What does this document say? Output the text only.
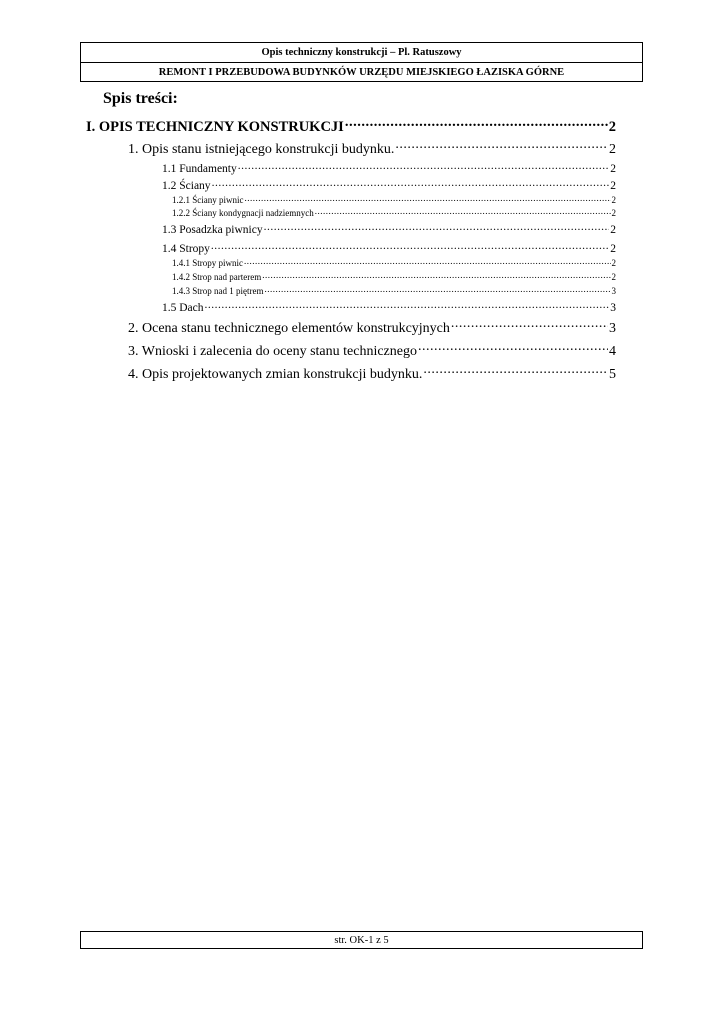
Opis techniczny konstrukcji – Pl. Ratuszowy
REMONT I PRZEBUDOWA BUDYNKÓW URZĘDU MIEJSKIEGO ŁAZISKA GÓRNE
Spis treści:
I. OPIS TECHNICZNY KONSTRUKCJI .....	2
1. Opis stanu istniejącego konstrukcji budynku. .....	2
1.1 Fundamenty .....	2
1.2 Ściany .....	2
1.2.1 Ściany piwnic .....	2
1.2.2 Ściany kondygnacji nadziemnych .....	2
1.3 Posadzka piwnicy .....	2
1.4 Stropy .....	2
1.4.1 Stropy piwnic .....	2
1.4.2 Strop nad parterem .....	2
1.4.3 Strop nad 1 piętrem .....	3
1.5 Dach .....	3
2. Ocena stanu technicznego elementów konstrukcyjnych .....	3
3. Wnioski i zalecenia do oceny stanu technicznego .....	4
4. Opis projektowanych zmian konstrukcji budynku. .....	5
str. OK-1 z 5
